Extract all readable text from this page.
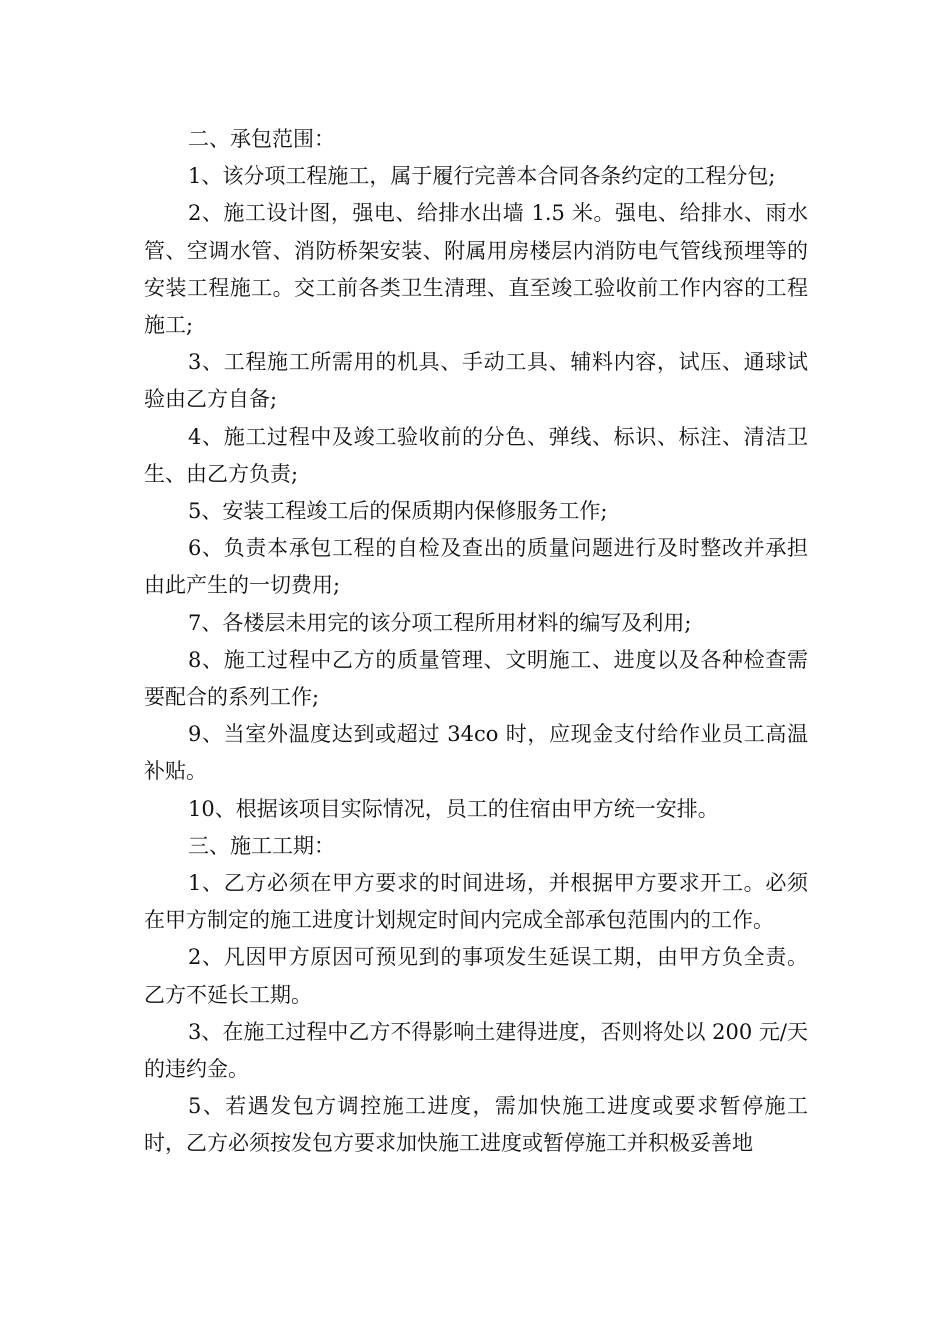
二、承包范围：

1、该分项工程施工，属于履行完善本合同各条约定的工程分包;

2、施工设计图，强电、给排水出墙 1.5 米。强电、给排水、雨水管、空调水管、消防桥架安装、附属用房楼层内消防电气管线预埋等的安装工程施工。交工前各类卫生清理、直至竣工验收前工作内容的工程施工;

3、工程施工所需用的机具、手动工具、辅料内容，试压、通球试验由乙方自备;

4、施工过程中及竣工验收前的分色、弹线、标识、标注、清洁卫生、由乙方负责;

5、安装工程竣工后的保质期内保修服务工作;

6、负责本承包工程的自检及查出的质量问题进行及时整改并承担由此产生的一切费用;

7、各楼层未用完的该分项工程所用材料的编写及利用;

8、施工过程中乙方的质量管理、文明施工、进度以及各种检查需要配合的系列工作;

9、当室外温度达到或超过 34co 时，应现金支付给作业员工高温补贴。

10、根据该项目实际情况，员工的住宿由甲方统一安排。

三、施工工期：

1、乙方必须在甲方要求的时间进场，并根据甲方要求开工。必须在甲方制定的施工进度计划规定时间内完成全部承包范围内的工作。

2、凡因甲方原因可预见到的事项发生延误工期，由甲方负全责。乙方不延长工期。

3、在施工过程中乙方不得影响土建得进度，否则将处以 200 元/天的违约金。

5、若遇发包方调控施工进度，需加快施工进度或要求暂停施工时，乙方必须按发包方要求加快施工进度或暂停施工并积极妥善地
